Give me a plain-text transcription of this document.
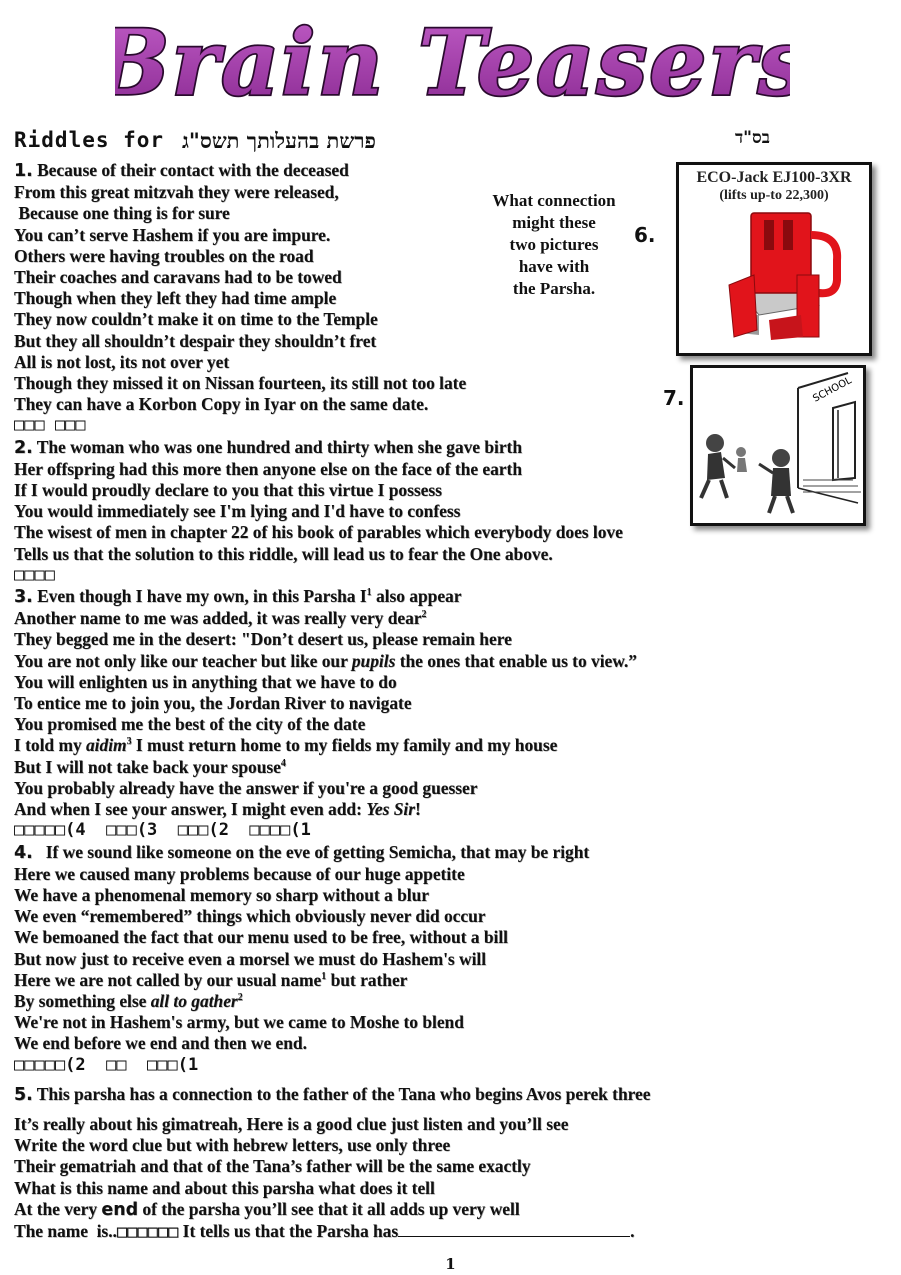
Brain Teasers
Riddles for פרשת בהעלותך תשס"ג	בס"ד
1. Because of their contact with the deceased
From this great mitzvah they were released,
Because one thing is for sure
You can’t serve Hashem if you are impure.
Others were having troubles on the road
Their coaches and caravans had to be towed
Though when they left they had time ample
They now couldn’t make it on time to the Temple
But they all shouldn’t despair they shouldn’t fret
All is not lost, its not over yet
Though they missed it on Nissan fourteen, its still not too late
They can have a Korbon Copy in Iyar on the same date.
□□□ □□□
2. The woman who was one hundred and thirty when she gave birth
Her offspring had this more then anyone else on the face of the earth
If I would proudly declare to you that this virtue I possess
You would immediately see I'm lying and I'd have to confess
The wisest of men in chapter 22 of his book of parables which everybody does love
Tells us that the solution to this riddle, will lead us to fear the One above.
□□□□
3. Even though I have my own, in this Parsha $I^1$ also appear
Another name to me was added, it was really very dear$^2$
They begged me in the desert: "Don’t desert us, please remain here
You are not only like our teacher but like our pupils the ones that enable us to view.”
You will enlighten us in anything that we have to do
To entice me to join you, the Jordan River to navigate
You promised me the best of the city of the date
I told my aidim$^3$ I must return home to my fields my family and my house
But I will not take back your spouse$^4$
You probably already have the answer if you're a good guesser
And when I see your answer, I might even add: Yes Sir!
□□□□□(4  □□□(3  □□□(2  □□□□(1
4.   If we sound like someone on the eve of getting Semicha, that may be right
Here we caused many problems because of our huge appetite
We have a phenomenal memory so sharp without a blur
We even “remembered” things which obviously never did occur
We bemoaned the fact that our menu used to be free, without a bill
But now just to receive even a morsel we must do Hashem's will
Here we are not called by our usual name$^1$ but rather
By something else all to gather$^2$
We're not in Hashem's army, but we came to Moshe to blend
We end before we end and then we end.
□□□□□(2  □□  □□□(1
5. This parsha has a connection to the father of the Tana who begins Avos perek three
It’s really about his gimatreah, Here is a good clue just listen and you’ll see
Write the word clue but with hebrew letters, use only three
Their gematriah and that of the Tana’s father will be the same exactly
What is this name and about this parsha what does it tell
At the very end of the parsha you’ll see that it all adds up very well
The name  is..□□□□□□ It tells us that the Parsha has	.
What connection
might these
two pictures
have with
the Parsha.
6.
7.
ECO-Jack EJ100-3XR
(lifts up-to 22,300)
SCHOOL
1
